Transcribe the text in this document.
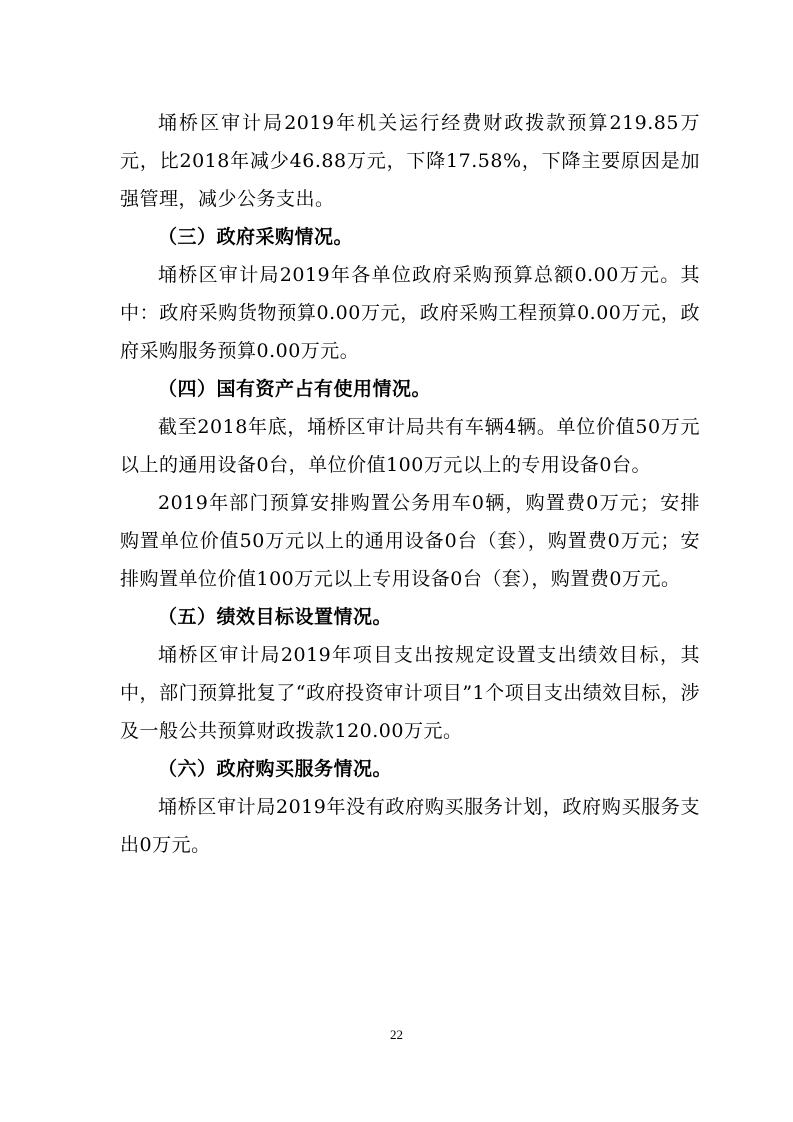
埇桥区审计局2019年机关运行经费财政拨款预算219.85万元，比2018年减少46.88万元，下降17.58%，下降主要原因是加强管理，减少公务支出。

（三）政府采购情况。

埇桥区审计局2019年各单位政府采购预算总额0.00万元。其中：政府采购货物预算0.00万元，政府采购工程预算0.00万元，政府采购服务预算0.00万元。

（四）国有资产占有使用情况。

截至2018年底，埇桥区审计局共有车辆4辆。单位价值50万元以上的通用设备0台，单位价值100万元以上的专用设备0台。

2019年部门预算安排购置公务用车0辆，购置费0万元；安排购置单位价值50万元以上的通用设备0台（套），购置费0万元；安排购置单位价值100万元以上专用设备0台（套），购置费0万元。

（五）绩效目标设置情况。

埇桥区审计局2019年项目支出按规定设置支出绩效目标，其中，部门预算批复了“政府投资审计项目”1个项目支出绩效目标，涉及一般公共预算财政拨款120.00万元。

（六）政府购买服务情况。

埇桥区审计局2019年没有政府购买服务计划，政府购买服务支出0万元。

22
